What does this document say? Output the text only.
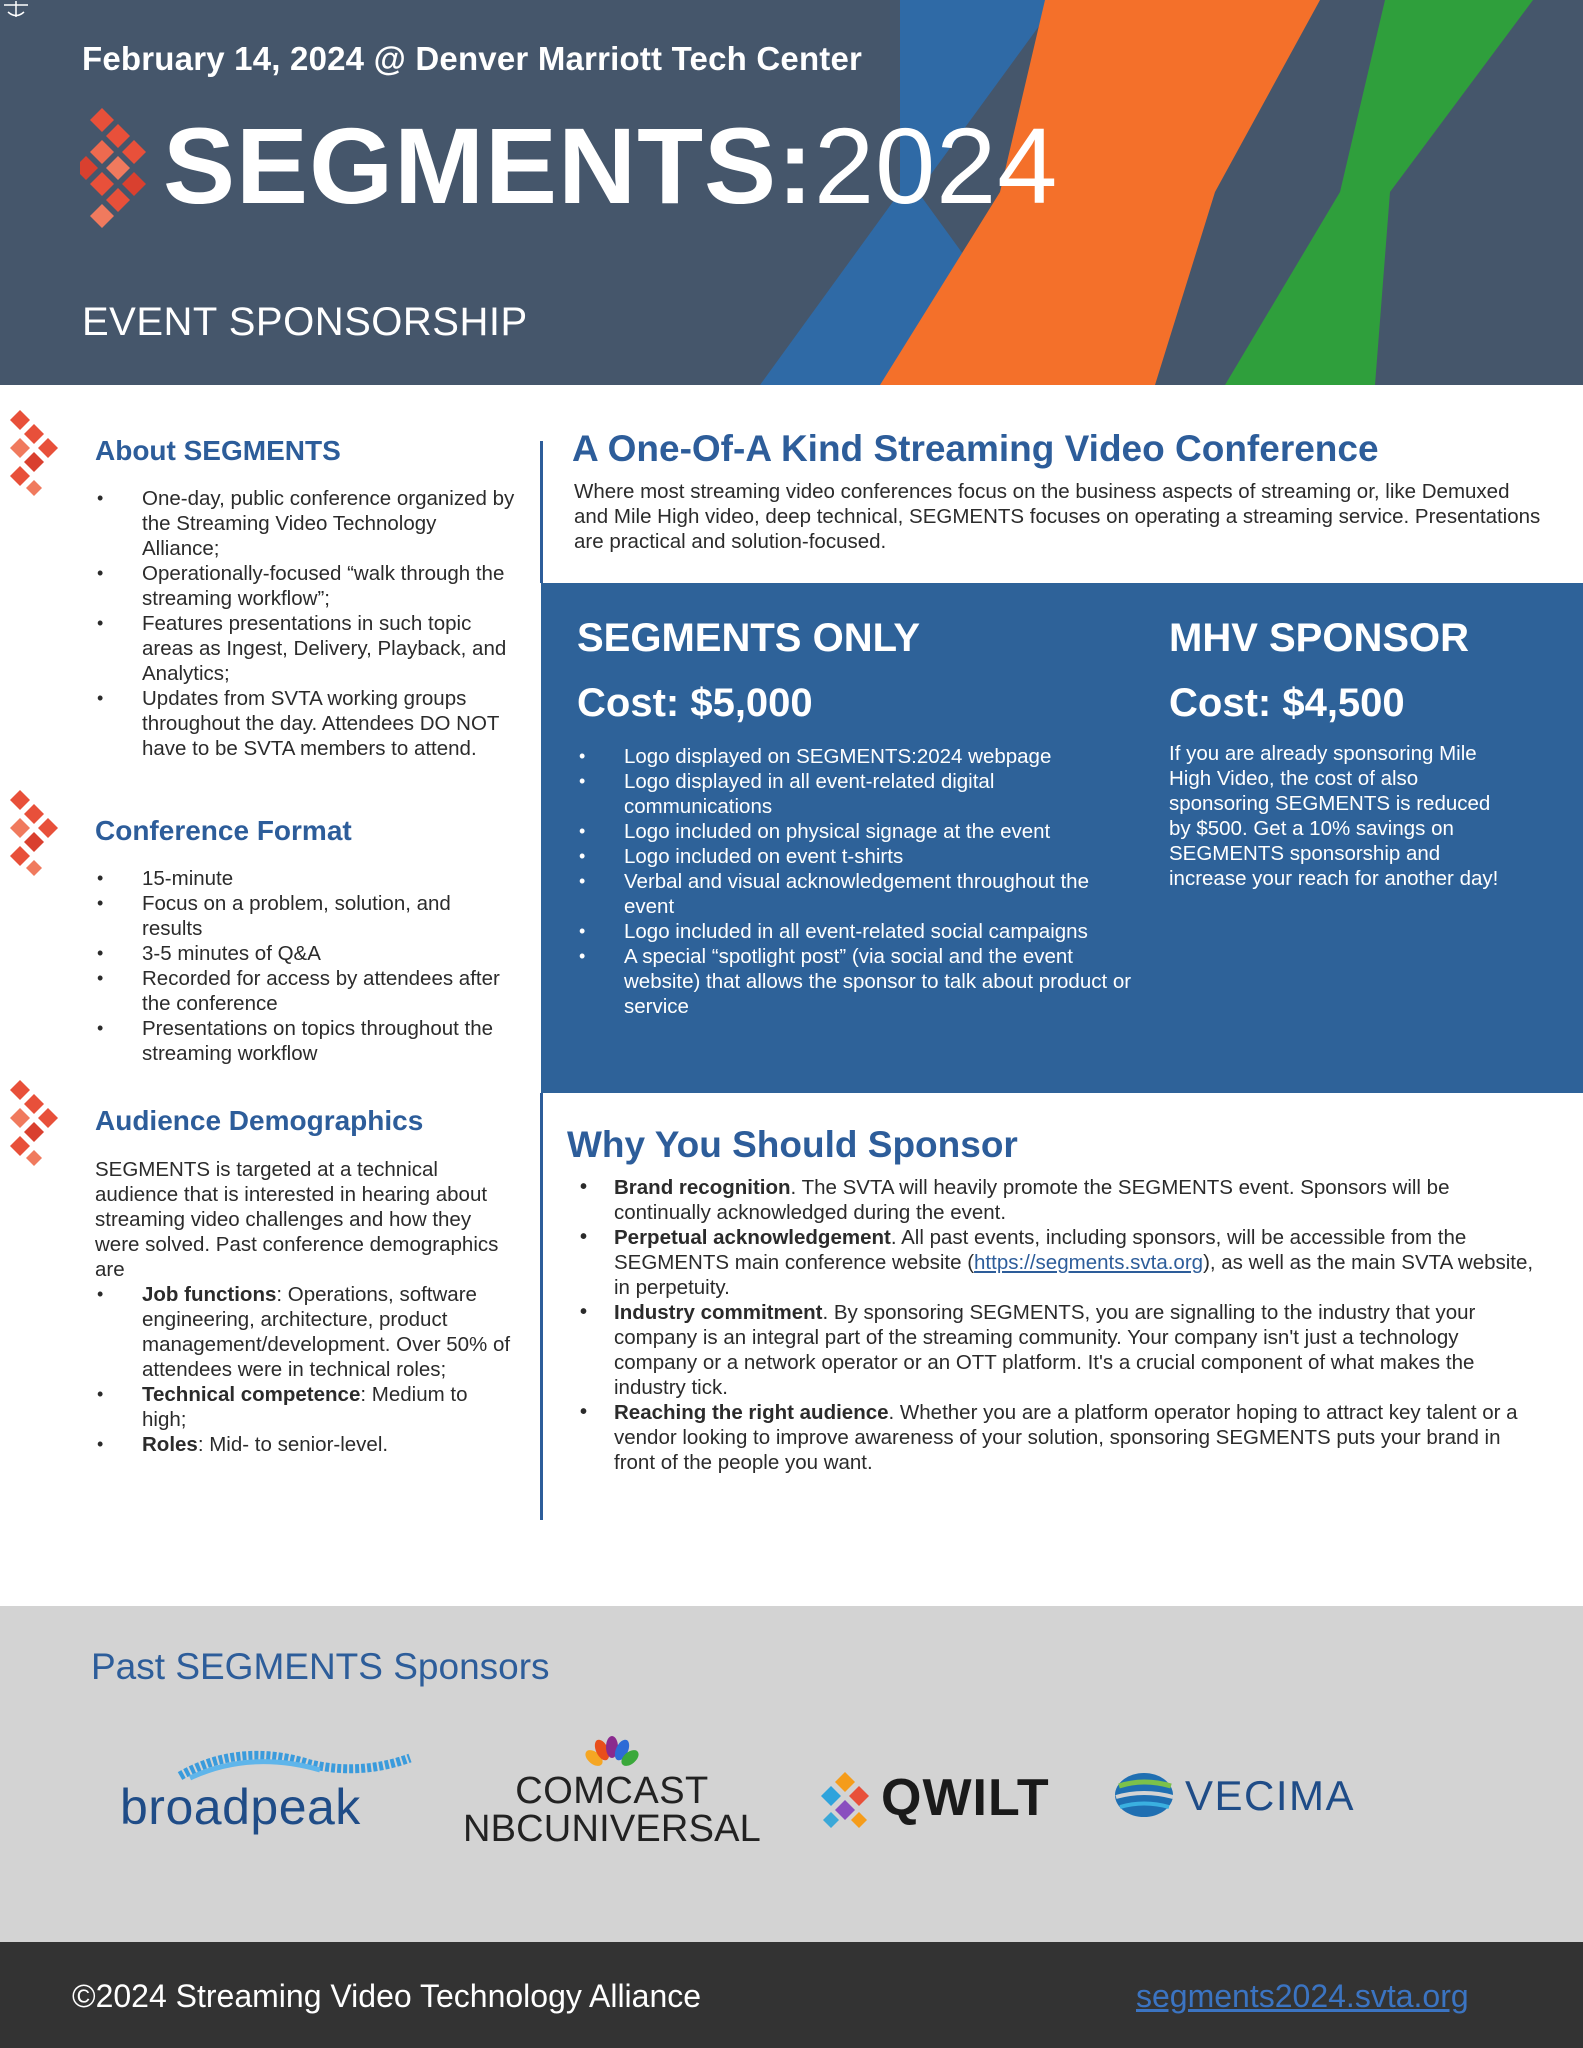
February 14, 2024 @ Denver Marriott Tech Center
SEGMENTS:2024
EVENT SPONSORSHIP
About SEGMENTS
• One-day, public conference organized by the Streaming Video Technology Alliance;
• Operationally-focused “walk through the streaming workflow”;
• Features presentations in such topic areas as Ingest, Delivery, Playback, and Analytics;
• Updates from SVTA working groups throughout the day. Attendees DO NOT have to be SVTA members to attend.
Conference Format
• 15-minute
• Focus on a problem, solution, and results
• 3-5 minutes of Q&A
• Recorded for access by attendees after the conference
• Presentations on topics throughout the streaming workflow
Audience Demographics
SEGMENTS is targeted at a technical audience that is interested in hearing about streaming video challenges and how they were solved. Past conference demographics are
• Job functions: Operations, software engineering, architecture, product management/development. Over 50% of attendees were in technical roles;
• Technical competence: Medium to high;
• Roles: Mid- to senior-level.
A One-Of-A Kind Streaming Video Conference
Where most streaming video conferences focus on the business aspects of streaming or, like Demuxed and Mile High video, deep technical, SEGMENTS focuses on operating a streaming service. Presentations are practical and solution-focused.
SEGMENTS ONLY
Cost: $5,000
• Logo displayed on SEGMENTS:2024 webpage
• Logo displayed in all event-related digital communications
• Logo included on physical signage at the event
• Logo included on event t-shirts
• Verbal and visual acknowledgement throughout the event
• Logo included in all event-related social campaigns
• A special “spotlight post” (via social and the event website) that allows the sponsor to talk about product or service
MHV SPONSOR
Cost: $4,500
If you are already sponsoring Mile High Video, the cost of also sponsoring SEGMENTS is reduced by $500. Get a 10% savings on SEGMENTS sponsorship and increase your reach for another day!
Why You Should Sponsor
• Brand recognition. The SVTA will heavily promote the SEGMENTS event. Sponsors will be continually acknowledged during the event.
• Perpetual acknowledgement. All past events, including sponsors, will be accessible from the SEGMENTS main conference website (https://segments.svta.org), as well as the main SVTA website, in perpetuity.
• Industry commitment. By sponsoring SEGMENTS, you are signalling to the industry that your company is an integral part of the streaming community. Your company isn't just a technology company or a network operator or an OTT platform. It's a crucial component of what makes the industry tick.
• Reaching the right audience. Whether you are a platform operator hoping to attract key talent or a vendor looking to improve awareness of your solution, sponsoring SEGMENTS puts your brand in front of the people you want.
Past SEGMENTS Sponsors
broadpeak	COMCAST
NBCUNIVERSAL
QWILT	VECIMA
©2024 Streaming Video Technology Alliance	segments2024.svta.org
